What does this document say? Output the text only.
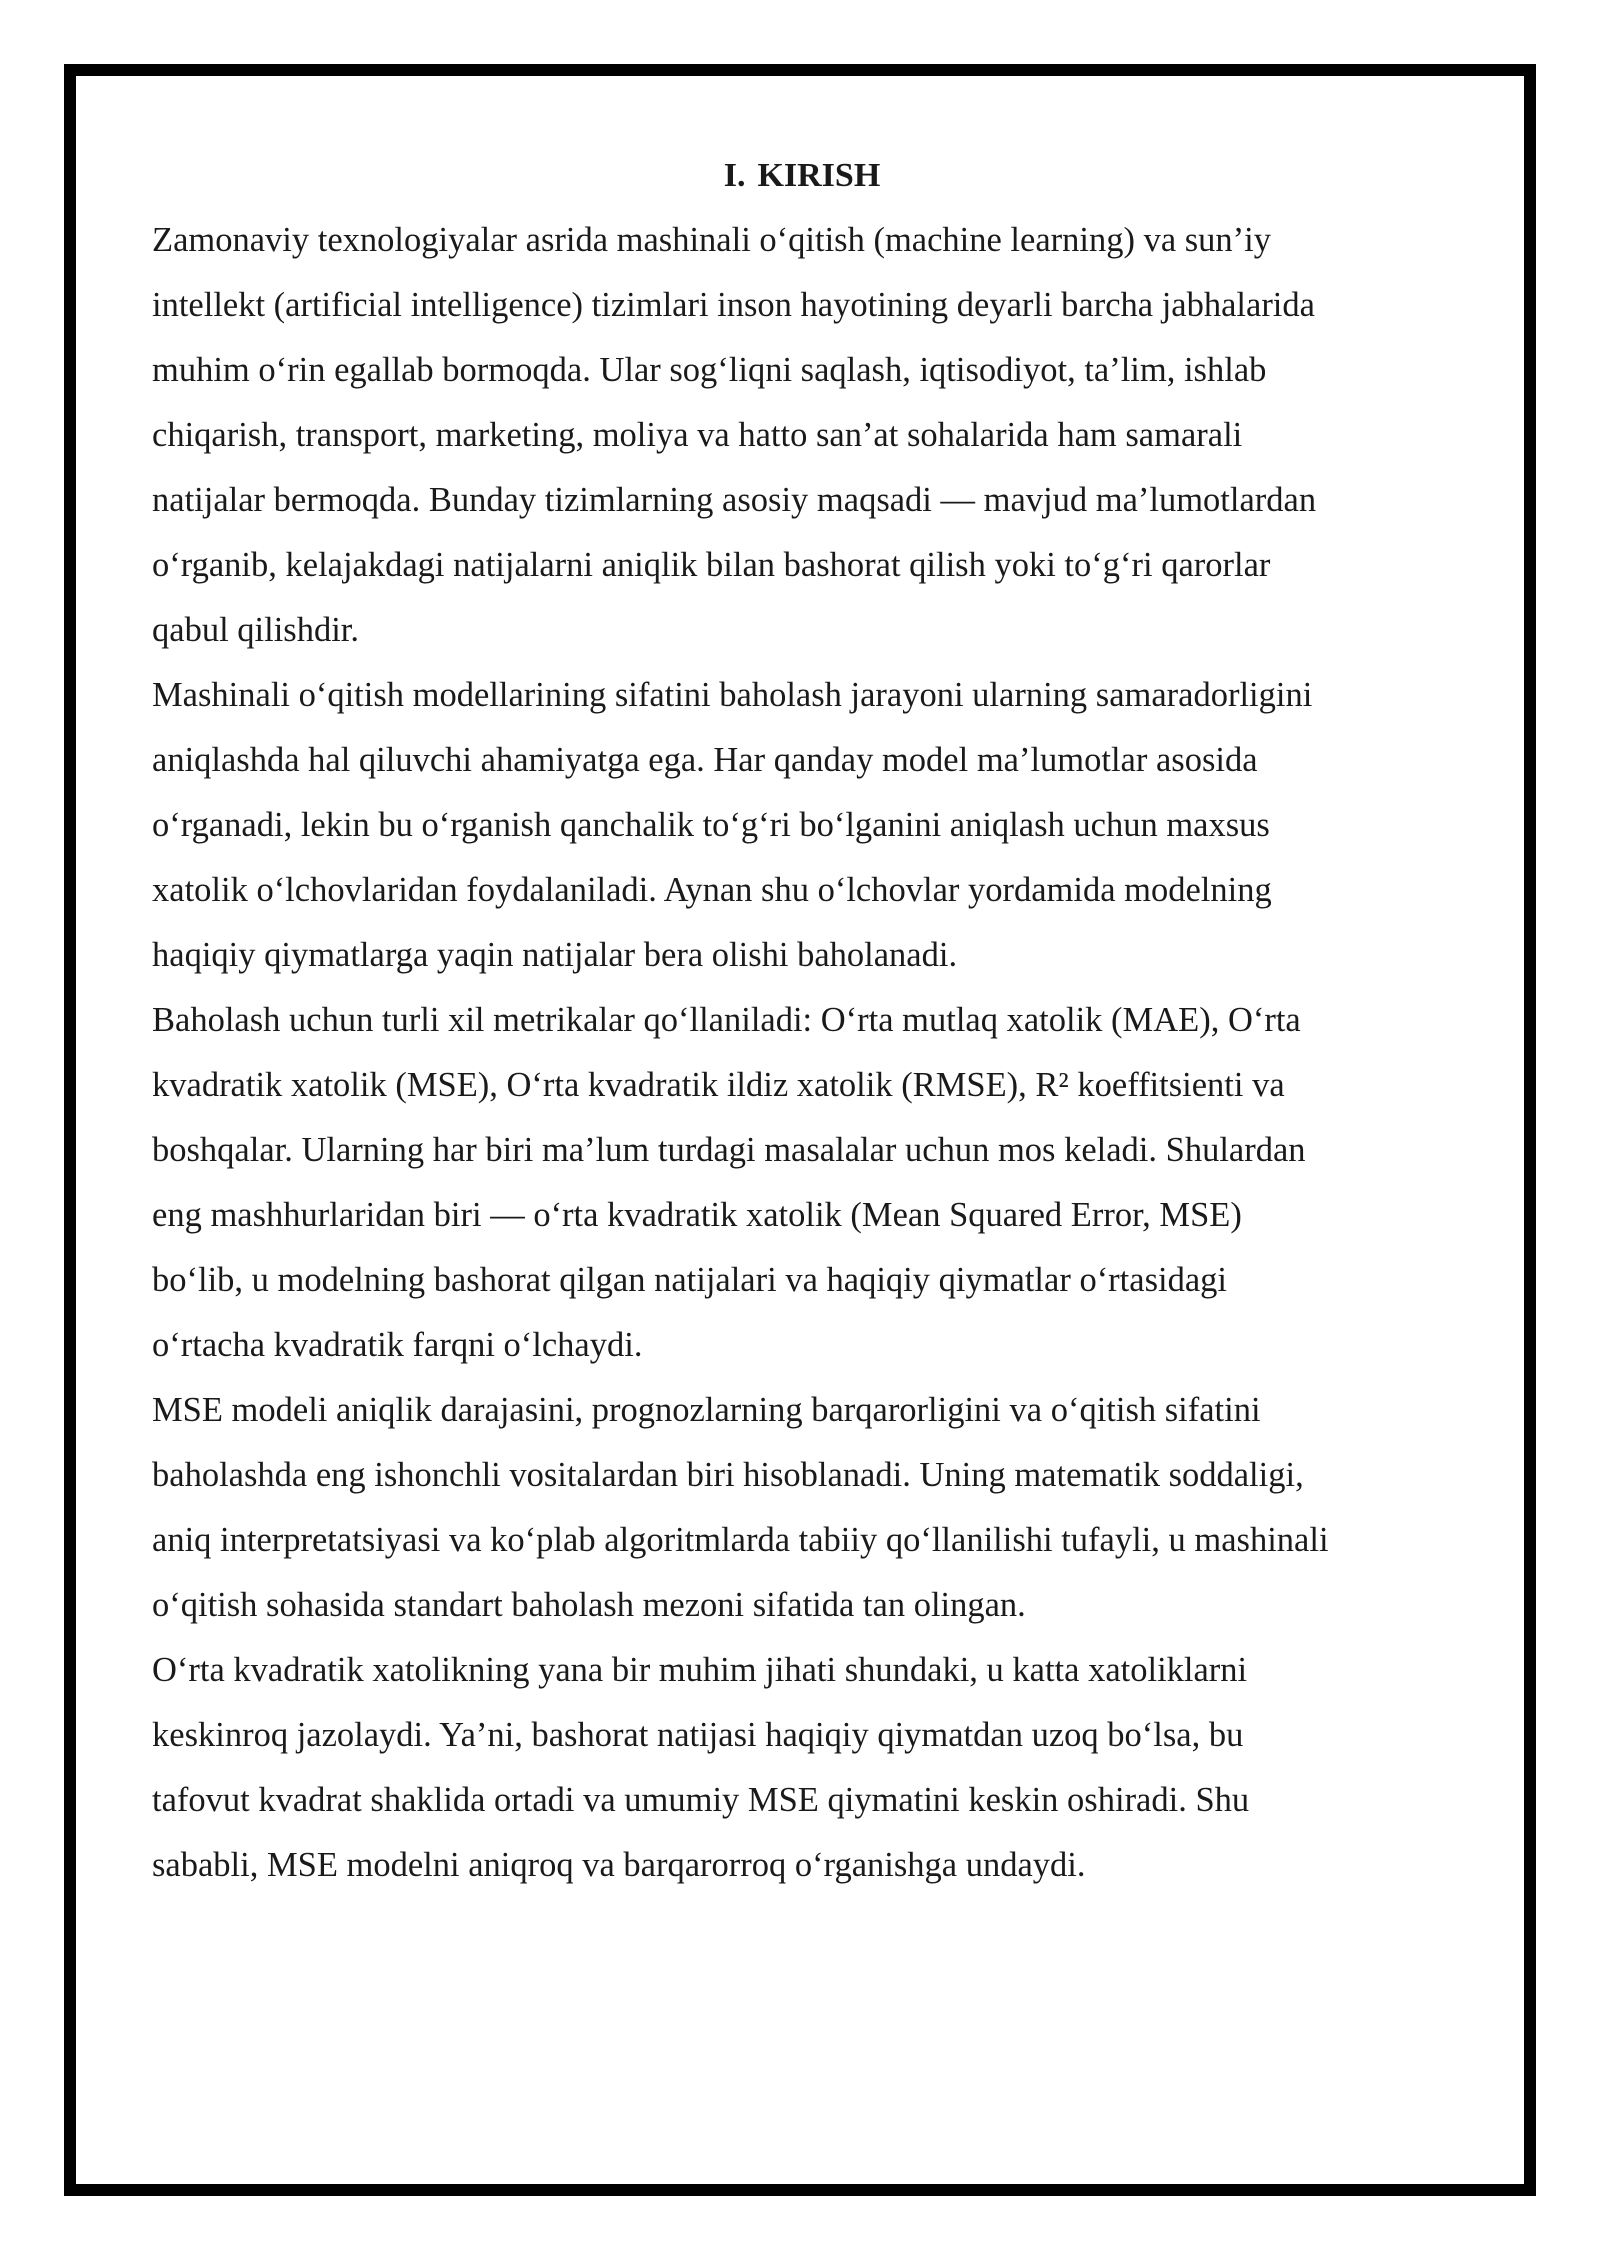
I. KIRISH

Zamonaviy texnologiyalar asrida mashinali o‘qitish (machine learning) va sun’iy
intellekt (artificial intelligence) tizimlari inson hayotining deyarli barcha jabhalarida
muhim o‘rin egallab bormoqda. Ular sog‘liqni saqlash, iqtisodiyot, ta’lim, ishlab
chiqarish, transport, marketing, moliya va hatto san’at sohalarida ham samarali
natijalar bermoqda. Bunday tizimlarning asosiy maqsadi — mavjud ma’lumotlardan
o‘rganib, kelajakdagi natijalarni aniqlik bilan bashorat qilish yoki to‘g‘ri qarorlar
qabul qilishdir.

Mashinali o‘qitish modellarining sifatini baholash jarayoni ularning samaradorligini
aniqlashda hal qiluvchi ahamiyatga ega. Har qanday model ma’lumotlar asosida
o‘rganadi, lekin bu o‘rganish qanchalik to‘g‘ri bo‘lganini aniqlash uchun maxsus
xatolik o‘lchovlaridan foydalaniladi. Aynan shu o‘lchovlar yordamida modelning
haqiqiy qiymatlarga yaqin natijalar bera olishi baholanadi.

Baholash uchun turli xil metrikalar qo‘llaniladi: O‘rta mutlaq xatolik (MAE), O‘rta
kvadratik xatolik (MSE), O‘rta kvadratik ildiz xatolik (RMSE), R² koeffitsienti va
boshqalar. Ularning har biri ma’lum turdagi masalalar uchun mos keladi. Shulardan
eng mashhurlaridan biri — o‘rta kvadratik xatolik (Mean Squared Error, MSE)
bo‘lib, u modelning bashorat qilgan natijalari va haqiqiy qiymatlar o‘rtasidagi
o‘rtacha kvadratik farqni o‘lchaydi.

MSE modeli aniqlik darajasini, prognozlarning barqarorligini va o‘qitish sifatini
baholashda eng ishonchli vositalardan biri hisoblanadi. Uning matematik soddaligi,
aniq interpretatsiyasi va ko‘plab algoritmlarda tabiiy qo‘llanilishi tufayli, u mashinali
o‘qitish sohasida standart baholash mezoni sifatida tan olingan.

O‘rta kvadratik xatolikning yana bir muhim jihati shundaki, u katta xatoliklarni
keskinroq jazolaydi. Ya’ni, bashorat natijasi haqiqiy qiymatdan uzoq bo‘lsa, bu
tafovut kvadrat shaklida ortadi va umumiy MSE qiymatini keskin oshiradi. Shu
sababli, MSE modelni aniqroq va barqarorroq o‘rganishga undaydi.
